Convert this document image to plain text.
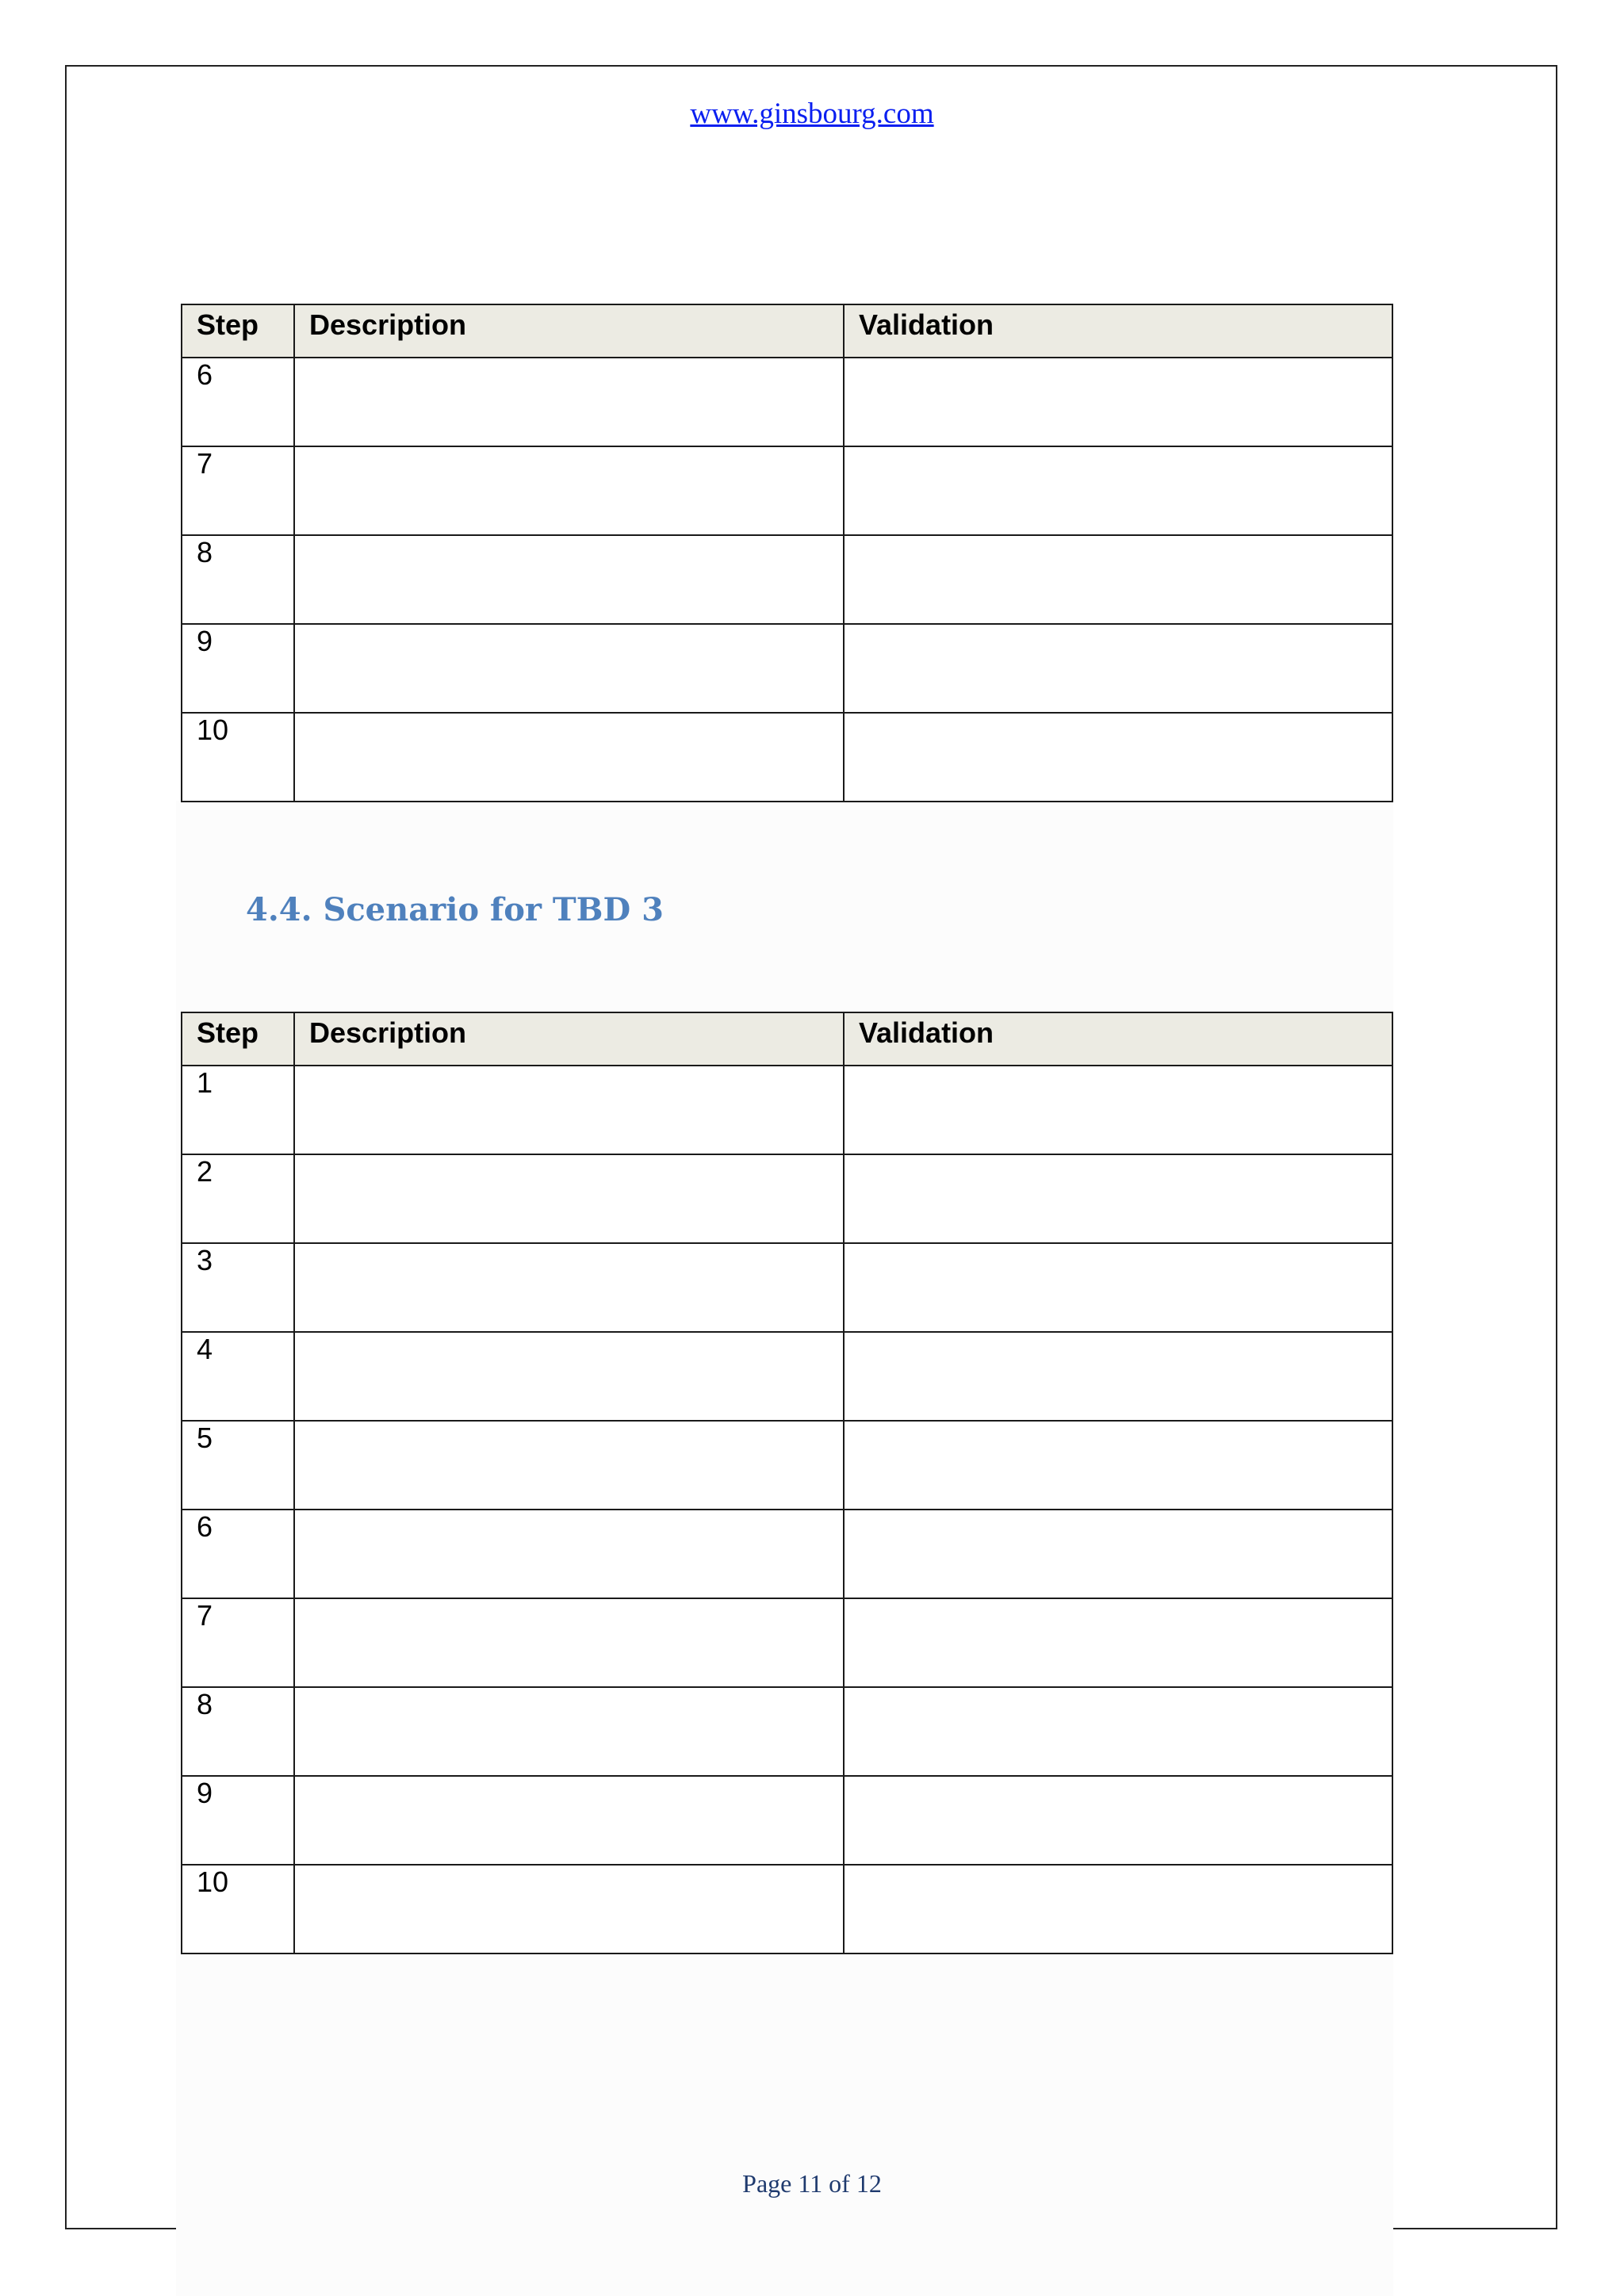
www.ginsbourg.com
Step	Description	Validation
6		
7		
8		
9		
10		
4.4. Scenario for TBD 3
Step	Description	Validation
1		
2		
3		
4		
5		
6		
7		
8		
9		
10		
Page 11 of 12
